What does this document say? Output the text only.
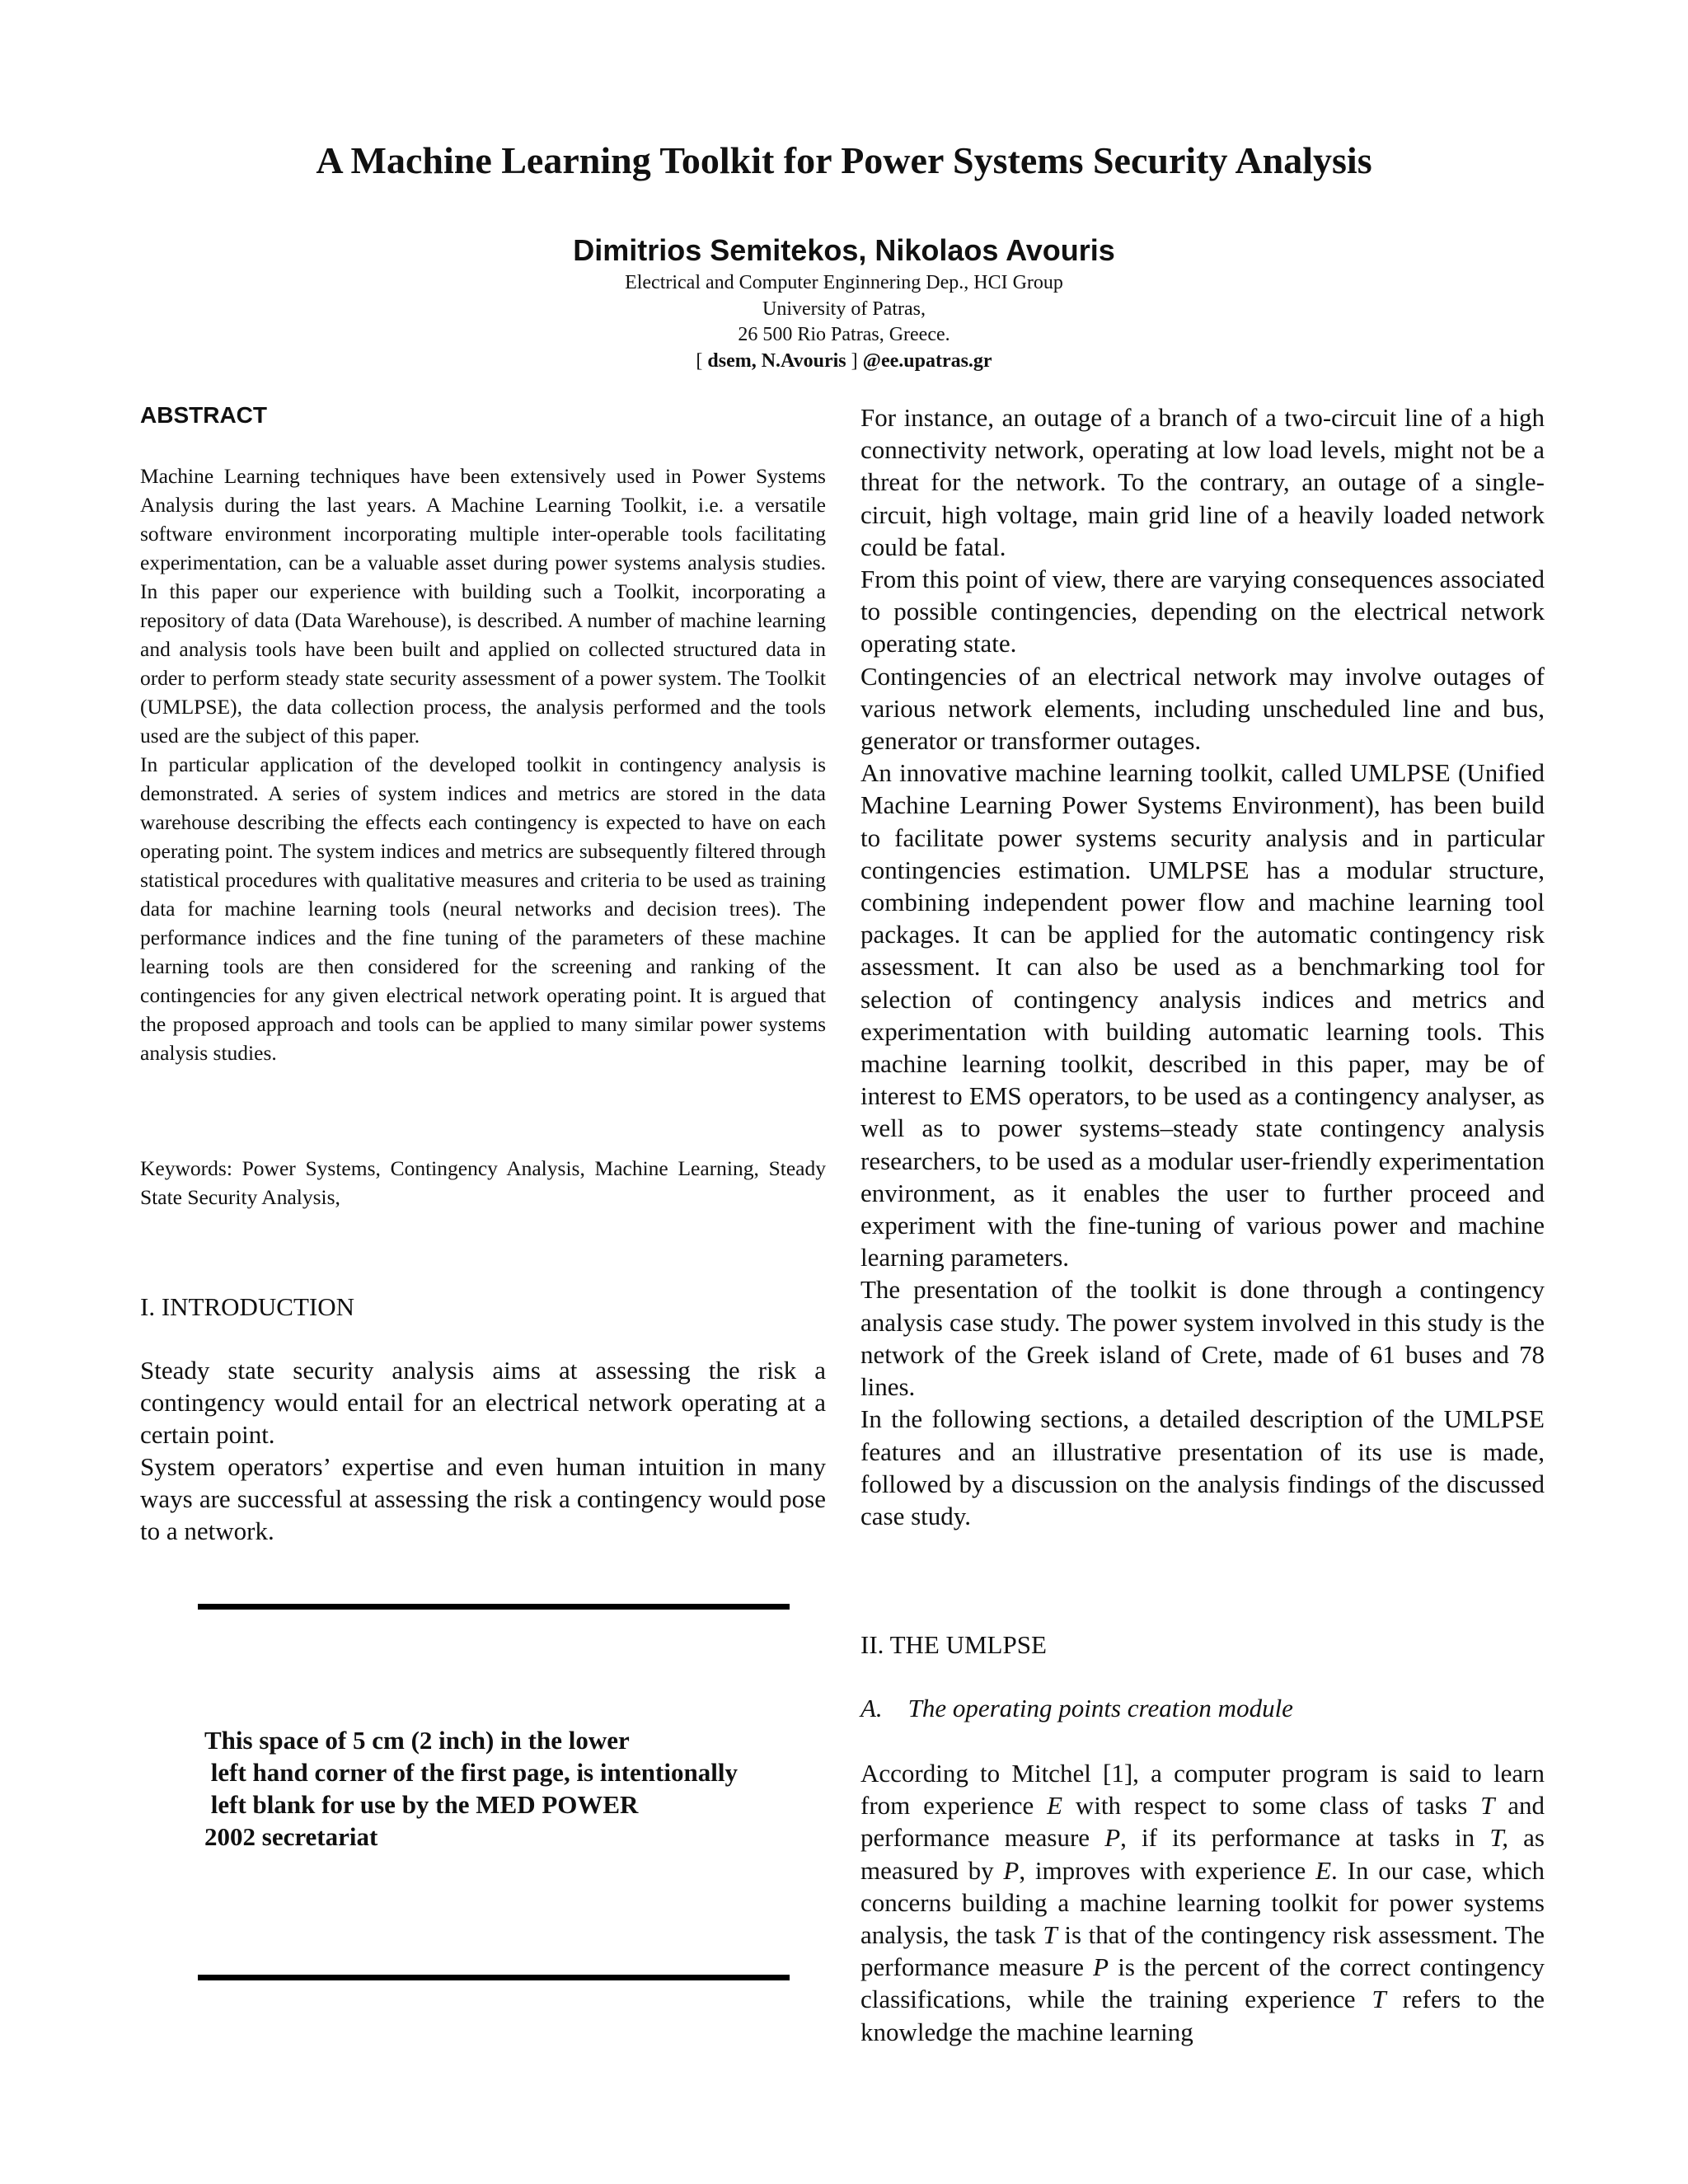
A Machine Learning Toolkit for Power Systems Security Analysis
Dimitrios Semitekos, Nikolaos Avouris
Electrical and Computer Enginnering Dep., HCI Group
University of Patras,
26 500 Rio Patras, Greece.
[ dsem, N.Avouris ] @ee.upatras.gr
ABSTRACT

Machine Learning techniques have been extensively used in Power Systems Analysis during the last years. A Machine Learning Toolkit, i.e. a versatile software environment incorporating multiple inter-operable tools facilitating experimentation, can be a valuable asset during power systems analysis studies. In this paper our experience with building such a Toolkit, incorporating a repository of data (Data Warehouse), is described. A number of machine learning and analysis tools have been built and applied on collected structured data in order to perform steady state security assessment of a power system. The Toolkit (UMLPSE), the data collection process, the analysis performed and the tools used are the subject of this paper.

In particular application of the developed toolkit in contingency analysis is demonstrated. A series of system indices and metrics are stored in the data warehouse describing the effects each contingency is expected to have on each operating point. The system indices and metrics are subsequently filtered through statistical procedures with qualitative measures and criteria to be used as training data for machine learning tools (neural networks and decision trees). The performance indices and the fine tuning of the parameters of these machine learning tools are then considered for the screening and ranking of the contingencies for any given electrical network operating point. It is argued that the proposed approach and tools can be applied to many similar power systems analysis studies.

Keywords: Power Systems, Contingency Analysis, Machine Learning, Steady State Security Analysis,

I. INTRODUCTION

Steady state security analysis aims at assessing the risk a contingency would entail for an electrical network operating at a certain point.

System operators’ expertise and even human intuition in many ways are successful at assessing the risk a contingency would pose to a network.

This space of 5 cm (2 inch) in the lower
left hand corner of the first page, is intentionally
left blank for use by the MED POWER
2002 secretariat

For instance, an outage of a branch of a two-circuit line of a high connectivity network, operating at low load levels, might not be a threat for the network. To the contrary, an outage of a single-circuit, high voltage, main grid line of a heavily loaded network could be fatal.

From this point of view, there are varying consequences associated to possible contingencies, depending on the electrical network operating state.

Contingencies of an electrical network may involve outages of various network elements, including unscheduled line and bus, generator or transformer outages.

An innovative machine learning toolkit, called UMLPSE (Unified Machine Learning Power Systems Environment), has been build to facilitate power systems security analysis and in particular contingencies estimation. UMLPSE has a modular structure, combining independent power flow and machine learning tool packages. It can be applied for the automatic contingency risk assessment. It can also be used as a benchmarking tool for selection of contingency analysis indices and metrics and experimentation with building automatic learning tools. This machine learning toolkit, described in this paper, may be of interest to EMS operators, to be used as a contingency analyser, as well as to power systems–steady state contingency analysis researchers, to be used as a modular user-friendly experimentation environment, as it enables the user to further proceed and experiment with the fine-tuning of various power and machine learning parameters.

The presentation of the toolkit is done through a contingency analysis case study. The power system involved in this study is the network of the Greek island of Crete, made of 61 buses and 78 lines.

In the following sections, a detailed description of the UMLPSE features and an illustrative presentation of its use is made, followed by a discussion on the analysis findings of the discussed case study.

II. THE UMLPSE
A.    The operating points creation module

According to Mitchel [1], a computer program is said to learn from experience E with respect to some class of tasks T and performance measure P, if its performance at tasks in T, as measured by P, improves with experience E. In our case, which concerns building a machine learning toolkit for power systems analysis, the task T is that of the contingency risk assessment. The performance measure P is the percent of the correct contingency classifications, while the training experience T refers to the knowledge the machine learning
